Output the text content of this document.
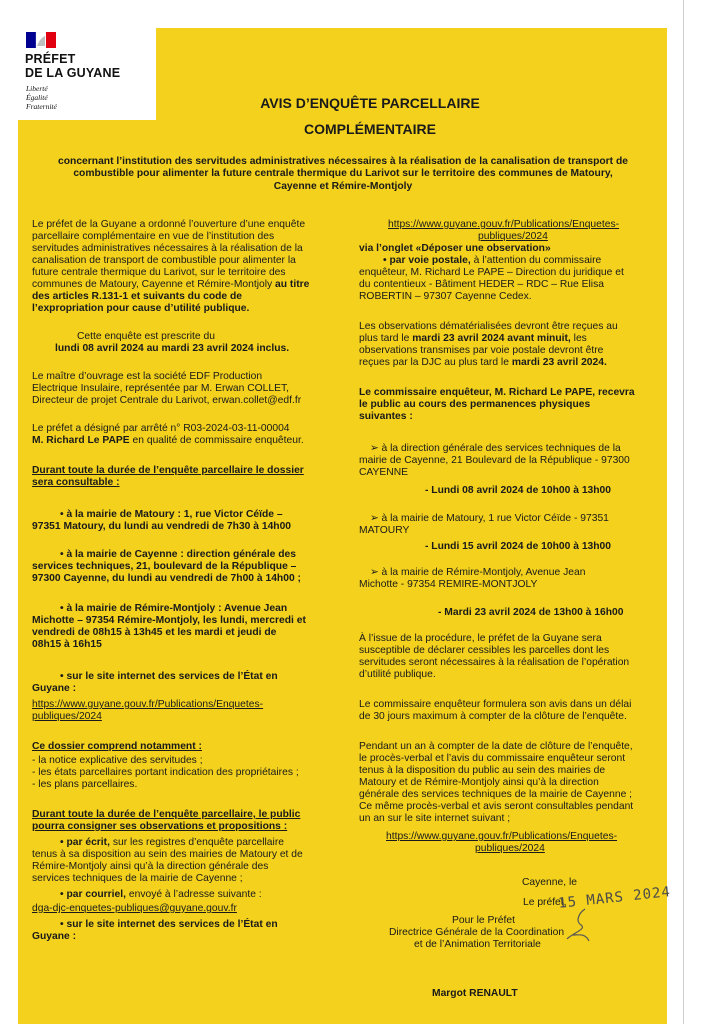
PRÉFET
DE LA GUYANE
Liberté
Égalité
Fraternité	AVIS D’ENQUÊTE PARCELLAIRE
COMPLÉMENTAIRE
concernant l’institution des servitudes administratives nécessaires à la réalisation de la canalisation de transport de
combustible pour alimenter la future centrale thermique du Larivot sur le territoire des communes de Matoury,
Cayenne et Rémire-Montjoly
Le préfet de la Guyane a ordonné l’ouverture d’une enquête
parcellaire complémentaire en vue de l’institution des
servitudes administratives nécessaires à la réalisation de la
canalisation de transport de combustible pour alimenter la
future centrale thermique du Larivot, sur le territoire des
communes de Matoury, Cayenne et Rémire-Montjoly au titre
des articles R.131-1 et suivants du code de
l’expropriation pour cause d’utilité publique.
Cette enquête est prescrite du
lundi 08 avril 2024 au mardi 23 avril 2024 inclus.
Le maître d’ouvrage est la société EDF Production
Electrique Insulaire, représentée par M. Erwan COLLET,
Directeur de projet Centrale du Larivot, erwan.collet@edf.fr
Le préfet a désigné par arrêté n° R03-2024-03-11-00004
M. Richard Le PAPE en qualité de commissaire enquêteur.
Durant toute la durée de l’enquête parcellaire le dossier
sera consultable :
• à la mairie de Matoury : 1, rue Victor Céïde –
97351 Matoury, du lundi au vendredi de 7h30 à 14h00
• à la mairie de Cayenne : direction générale des
services techniques, 21, boulevard de la République –
97300 Cayenne, du lundi au vendredi de 7h00 à 14h00 ;
• à la mairie de Rémire-Montjoly : Avenue Jean
Michotte – 97354 Rémire-Montjoly, les lundi, mercredi et
vendredi de 08h15 à 13h45 et les mardi et jeudi de
08h15 à 16h15
• sur le site internet des services de l’État en
Guyane :
https://www.guyane.gouv.fr/Publications/Enquetes-
publiques/2024
Ce dossier comprend notamment :
- la notice explicative des servitudes ;
- les états parcellaires portant indication des propriétaires ;
- les plans parcellaires.
Durant toute la durée de l’enquête parcellaire, le public
pourra consigner ses observations et propositions :
• par écrit, sur les registres d’enquête parcellaire
tenus à sa disposition au sein des mairies de Matoury et de
Rémire-Montjoly ainsi qu’à la direction générale des
services techniques de la mairie de Cayenne ;
• par courriel, envoyé à l’adresse suivante :
dga-djc-enquetes-publiques@guyane.gouv.fr
• sur le site internet des services de l’État en
Guyane :
https://www.guyane.gouv.fr/Publications/Enquetes-
publiques/2024
via l’onglet «Déposer une observation»
• par voie postale, à l’attention du commissaire
enquêteur, M. Richard Le PAPE – Direction du juridique et
du contentieux - Bâtiment HEDER – RDC – Rue Elisa
ROBERTIN – 97307 Cayenne Cedex.
Les observations dématérialisées devront être reçues au
plus tard le mardi 23 avril 2024 avant minuit, les
observations transmises par voie postale devront être
reçues par la DJC au plus tard le mardi 23 avril 2024.
Le commissaire enquêteur, M. Richard Le PAPE, recevra
le public au cours des permanences physiques
suivantes :
➢ à la direction générale des services techniques de la
mairie de Cayenne, 21 Boulevard de la République - 97300
CAYENNE
- Lundi 08 avril 2024 de 10h00 à 13h00
➢ à la mairie de Matoury, 1 rue Victor Céïde - 97351
MATOURY
- Lundi 15 avril 2024 de 10h00 à 13h00
➢ à la mairie de Rémire-Montjoly, Avenue Jean
Michotte - 97354 REMIRE-MONTJOLY
- Mardi 23 avril 2024 de 13h00 à 16h00
À l’issue de la procédure, le préfet de la Guyane sera
susceptible de déclarer cessibles les parcelles dont les
servitudes seront nécessaires à la réalisation de l’opération
d’utilité publique.
Le commissaire enquêteur formulera son avis dans un délai
de 30 jours maximum à compter de la clôture de l’enquête.
Pendant un an à compter de la date de clôture de l’enquête,
le procès-verbal et l’avis du commissaire enquêteur seront
tenus à la disposition du public au sein des mairies de
Matoury et de Rémire-Montjoly ainsi qu’à la direction
générale des services techniques de la mairie de Cayenne ;
Ce même procès-verbal et avis seront consultables pendant
un an sur le site internet suivant ;
https://www.guyane.gouv.fr/Publications/Enquetes-
publiques/2024
Cayenne, le
Le préfet,
15 MARS 2024
Pour le Préfet
Directrice Générale de la Coordination
et de l’Animation Territoriale
Margot RENAULT
